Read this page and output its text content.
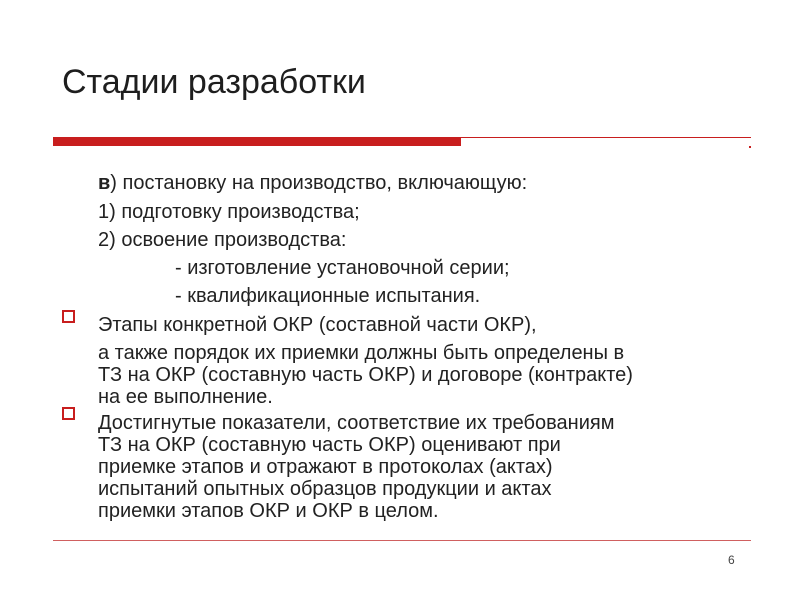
Стадии разработки
в) постановку на производство, включающую:
1) подготовку производства;
2) освоение производства:
- изготовление установочной серии;
- квалификационные испытания.
Этапы конкретной ОКР (составной части ОКР),
а также порядок их приемки должны быть определены в
ТЗ на ОКР (составную часть ОКР) и договоре (контракте)
на ее выполнение.
Достигнутые показатели, соответствие их требованиям
ТЗ на ОКР (составную часть ОКР) оценивают при
приемке этапов и отражают в протоколах (актах)
испытаний опытных образцов продукции и актах
приемки этапов ОКР и ОКР в целом.
6
